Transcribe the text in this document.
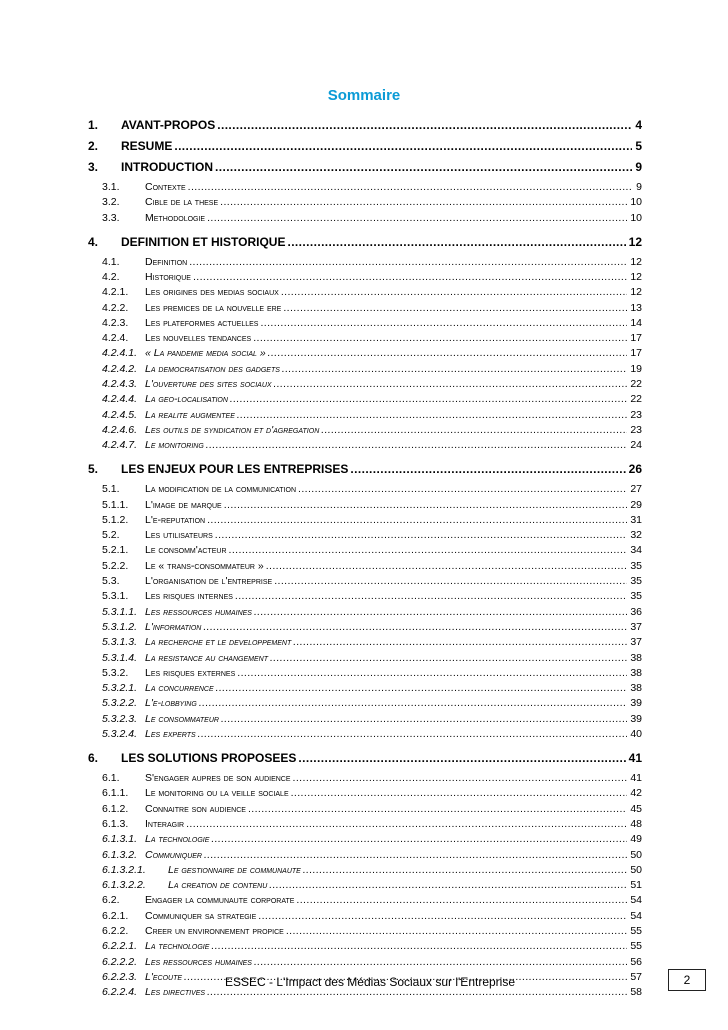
Sommaire
1. AVANT-PROPOS .....	4
2. RESUME .....	5
3. INTRODUCTION .....	9
3.1. Contexte .....	9
3.2. Cible de la these .....	10
3.3. Methodologie .....	10
4. DEFINITION ET HISTORIQUE .....	12
4.1. Definition .....	12
4.2. Historique .....	12
4.2.1. Les origines des medias sociaux .....	12
4.2.2. Les premices de la nouvelle ere .....	13
4.2.3. Les plateformes actuelles .....	14
4.2.4. Les nouvelles tendances .....	17
4.2.4.1. « La pandemie media social » .....	17
4.2.4.2. La democratisation des gadgets .....	19
4.2.4.3. L'ouverture des sites sociaux .....	22
4.2.4.4. La geo-localisation .....	22
4.2.4.5. La realite augmentee .....	23
4.2.4.6. Les outils de syndication et d'agregation .....	23
4.2.4.7. Le monitoring .....	24
5. LES ENJEUX POUR LES ENTREPRISES .....	26
5.1. La modification de la communication .....	27
5.1.1. L'image de marque .....	29
5.1.2. L'e-reputation .....	31
5.2. Les utilisateurs .....	32
5.2.1. Le consomm'acteur .....	34
5.2.2. Le « trans-consommateur » .....	35
5.3. L'organisation de l'entreprise .....	35
5.3.1. Les risques internes .....	35
5.3.1.1. Les ressources humaines .....	36
5.3.1.2. L'information .....	37
5.3.1.3. La recherche et le developpement .....	37
5.3.1.4. La resistance au changement .....	38
5.3.2. Les risques externes .....	38
5.3.2.1. La concurrence .....	38
5.3.2.2. L'e-lobbying .....	39
5.3.2.3. Le consommateur .....	39
5.3.2.4. Les experts .....	40
6. LES SOLUTIONS PROPOSEES .....	41
6.1. S'engager aupres de son audience .....	41
6.1.1. Le monitoring ou la veille sociale .....	42
6.1.2. Connaitre son audience .....	45
6.1.3. Interagir .....	48
6.1.3.1. La technologie .....	49
6.1.3.2. Communiquer .....	50
6.1.3.2.1. Le gestionnaire de communaute .....	50
6.1.3.2.2. La creation de contenu .....	51
6.2. Engager la communaute corporate .....	54
6.2.1. Communiquer sa strategie .....	54
6.2.2. Creer un environnement propice .....	55
6.2.2.1. La technologie .....	55
6.2.2.2. Les ressources humaines .....	56
6.2.2.3. L'ecoute .....	57
6.2.2.4. Les directives .....	58
ESSEC - L'Impact des Médias Sociaux sur l'Entreprise	2
